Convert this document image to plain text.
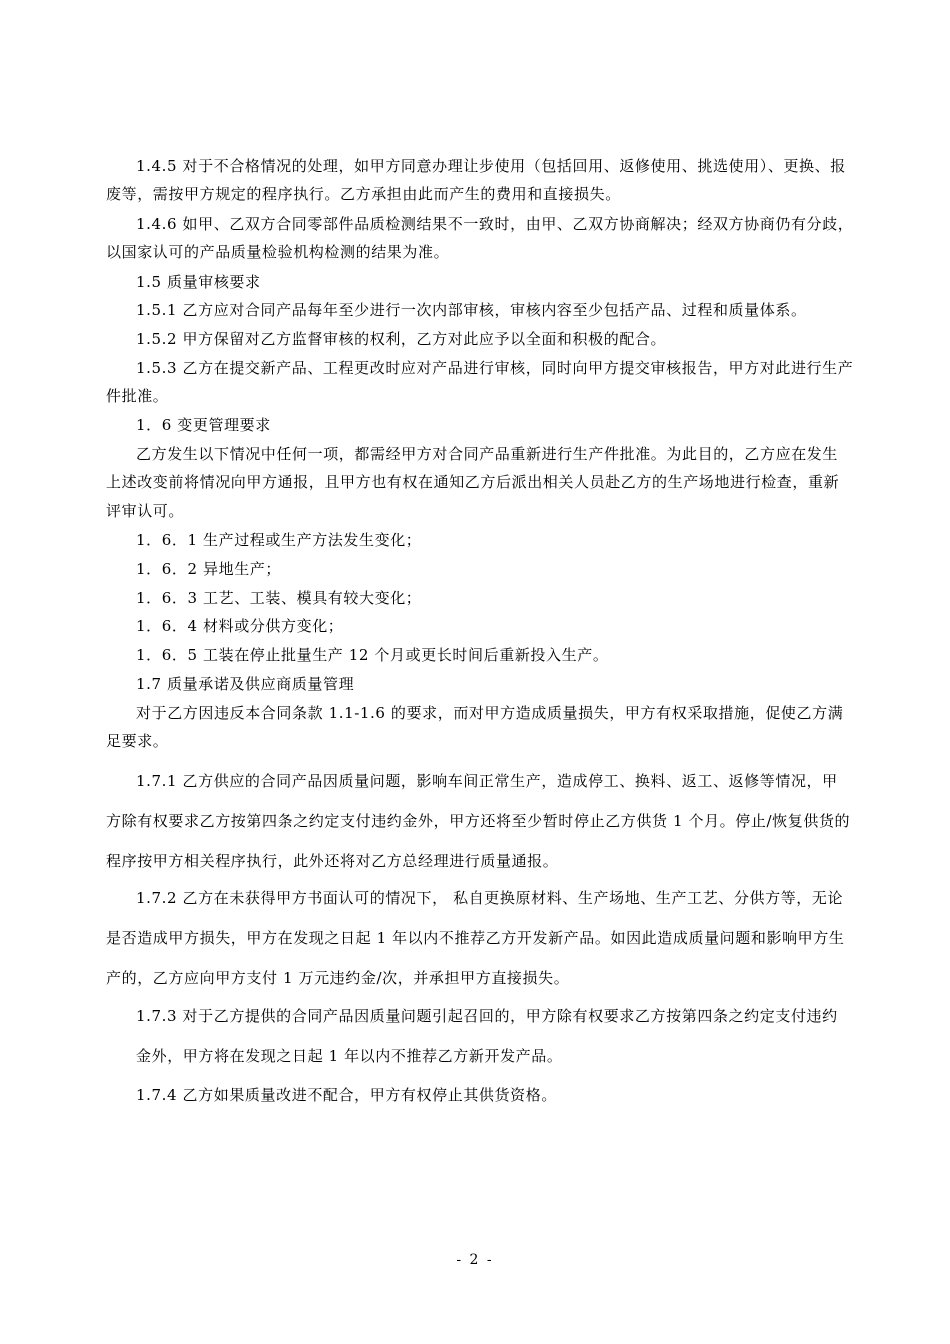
1.4.5 对于不合格情况的处理，如甲方同意办理让步使用（包括回用、返修使用、挑选使用）、更换、报
废等，需按甲方规定的程序执行。乙方承担由此而产生的费用和直接损失。
1.4.6 如甲、乙双方合同零部件品质检测结果不一致时，由甲、乙双方协商解决；经双方协商仍有分歧，
以国家认可的产品质量检验机构检测的结果为准。
1.5 质量审核要求
1.5.1 乙方应对合同产品每年至少进行一次内部审核，审核内容至少包括产品、过程和质量体系。
1.5.2 甲方保留对乙方监督审核的权利，乙方对此应予以全面和积极的配合。
1.5.3 乙方在提交新产品、工程更改时应对产品进行审核，同时向甲方提交审核报告，甲方对此进行生产
件批准。
1．6 变更管理要求
乙方发生以下情况中任何一项，都需经甲方对合同产品重新进行生产件批准。为此目的，乙方应在发生
上述改变前将情况向甲方通报，且甲方也有权在通知乙方后派出相关人员赴乙方的生产场地进行检查，重新
评审认可。
1．6．1 生产过程或生产方法发生变化；
1．6．2 异地生产；
1．6．3 工艺、工装、模具有较大变化；
1．6．4 材料或分供方变化；
1．6．5 工装在停止批量生产 12 个月或更长时间后重新投入生产。
1.7 质量承诺及供应商质量管理
对于乙方因违反本合同条款 1.1-1.6 的要求，而对甲方造成质量损失，甲方有权采取措施，促使乙方满
足要求。
1.7.1 乙方供应的合同产品因质量问题，影响车间正常生产，造成停工、换料、返工、返修等情况，甲
方除有权要求乙方按第四条之约定支付违约金外，甲方还将至少暂时停止乙方供货 1 个月。停止/恢复供货的
程序按甲方相关程序执行，此外还将对乙方总经理进行质量通报。
1.7.2 乙方在未获得甲方书面认可的情况下， 私自更换原材料、生产场地、生产工艺、分供方等，无论
是否造成甲方损失，甲方在发现之日起 1 年以内不推荐乙方开发新产品。如因此造成质量问题和影响甲方生
产的，乙方应向甲方支付 1 万元违约金/次，并承担甲方直接损失。
1.7.3 对于乙方提供的合同产品因质量问题引起召回的，甲方除有权要求乙方按第四条之约定支付违约
金外，甲方将在发现之日起 1 年以内不推荐乙方新开发产品。
1.7.4 乙方如果质量改进不配合，甲方有权停止其供货资格。
- 2 -
